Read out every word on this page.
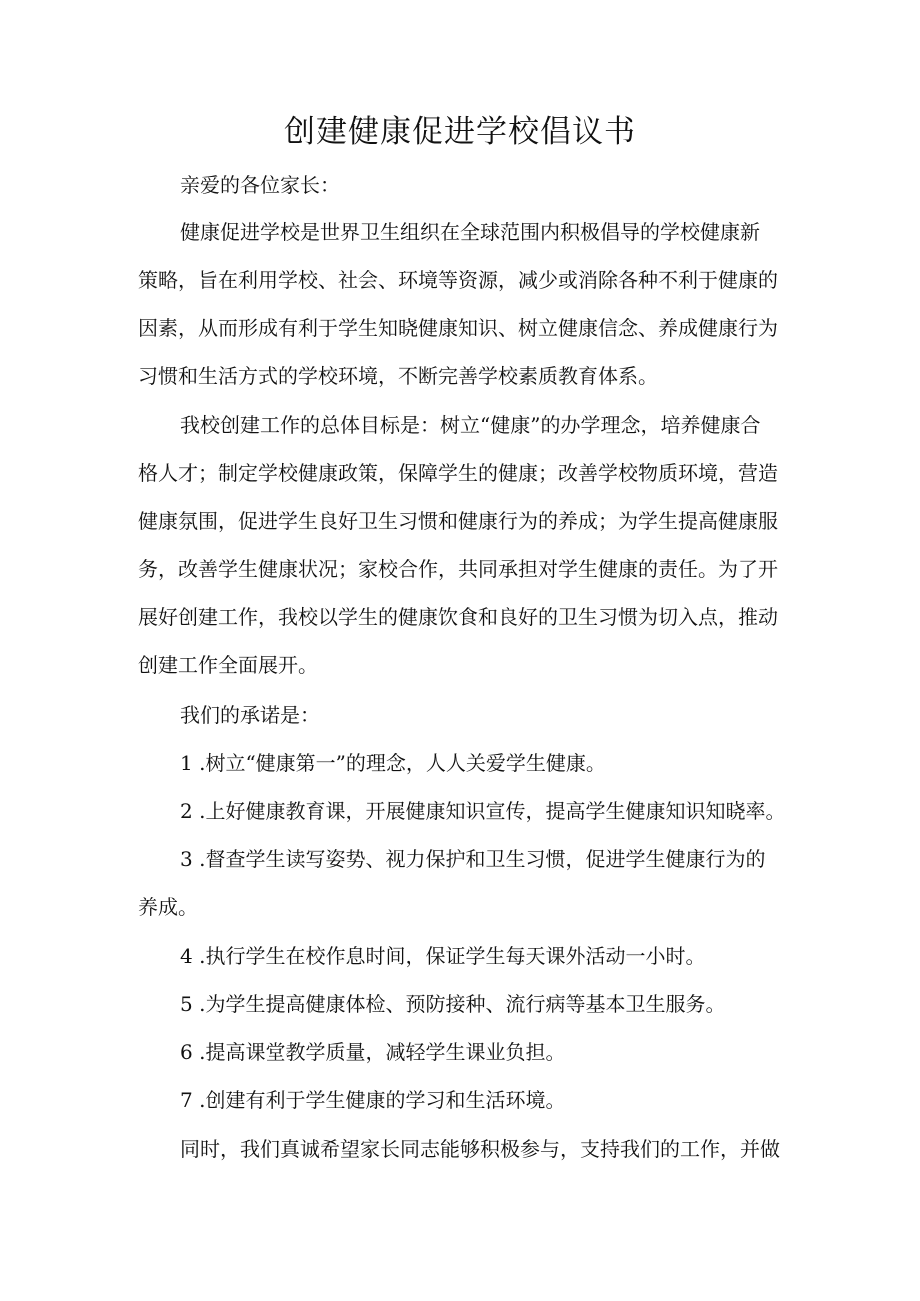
创建健康促进学校倡议书

亲爱的各位家长：

健康促进学校是世界卫生组织在全球范围内积极倡导的学校健康新

策略，旨在利用学校、社会、环境等资源，减少或消除各种不利于健康的

因素，从而形成有利于学生知晓健康知识、树立健康信念、养成健康行为

习惯和生活方式的学校环境，不断完善学校素质教育体系。

我校创建工作的总体目标是：树立“健康”的办学理念，培养健康合

格人才；制定学校健康政策，保障学生的健康；改善学校物质环境，营造

健康氛围，促进学生良好卫生习惯和健康行为的养成；为学生提高健康服

务，改善学生健康状况；家校合作，共同承担对学生健康的责任。为了开

展好创建工作，我校以学生的健康饮食和良好的卫生习惯为切入点，推动

创建工作全面展开。

我们的承诺是：

1 .树立“健康第一”的理念，人人关爱学生健康。

2 .上好健康教育课，开展健康知识宣传，提高学生健康知识知晓率。

3 .督查学生读写姿势、视力保护和卫生习惯，促进学生健康行为的

养成。

4 .执行学生在校作息时间，保证学生每天课外活动一小时。

5 .为学生提高健康体检、预防接种、流行病等基本卫生服务。

6 .提高课堂教学质量，减轻学生课业负担。

7 .创建有利于学生健康的学习和生活环境。

同时，我们真诚希望家长同志能够积极参与，支持我们的工作，并做
